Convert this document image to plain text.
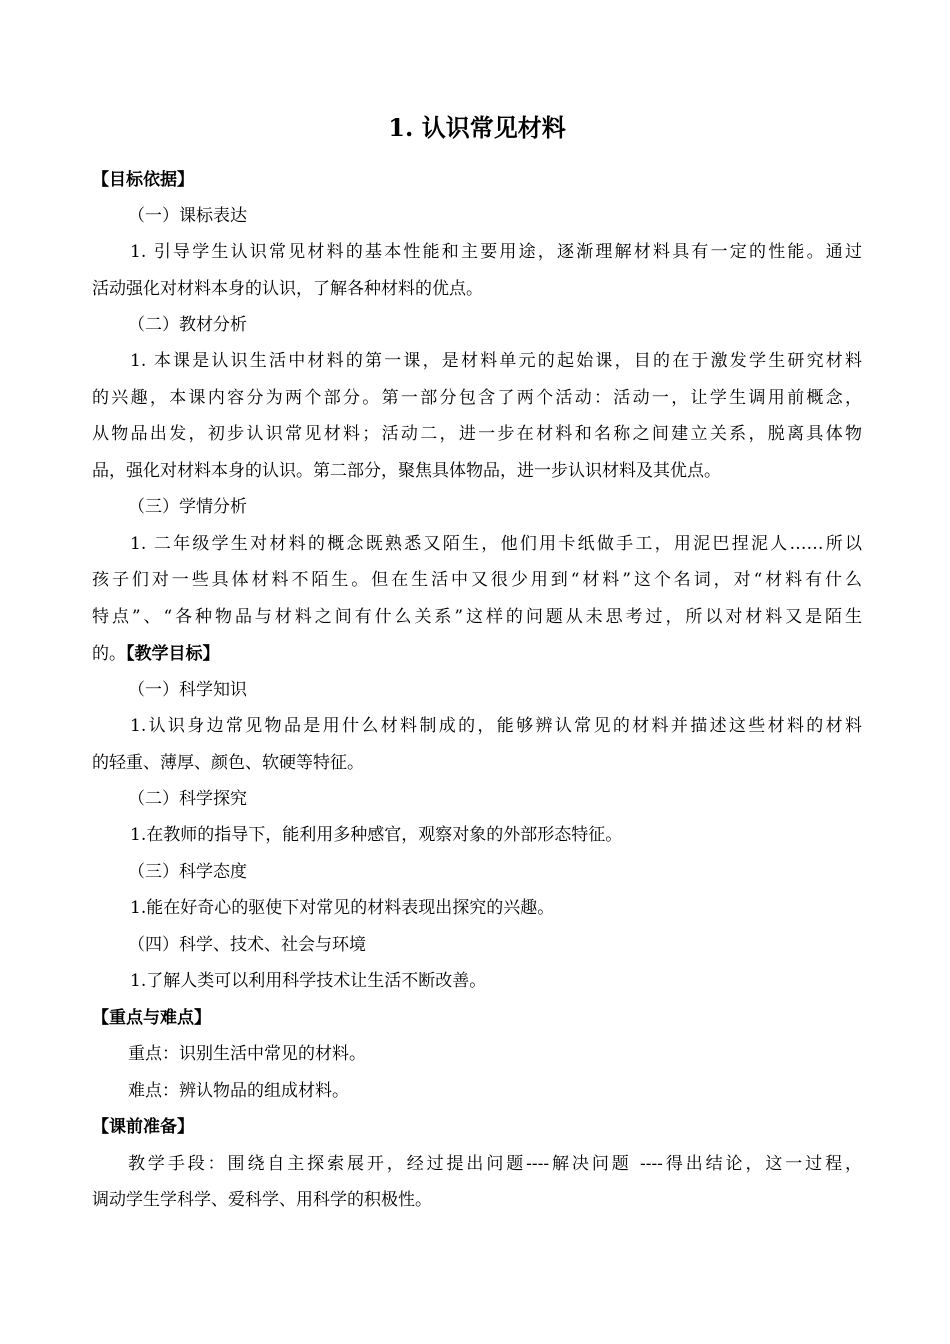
1. 认识常见材料
【目标依据】
（一）课标表达
1. 引导学生认识常见材料的基本性能和主要用途，逐渐理解材料具有一定的性能。通过
活动强化对材料本身的认识，了解各种材料的优点。
（二）教材分析
1. 本课是认识生活中材料的第一课，是材料单元的起始课，目的在于激发学生研究材料
的兴趣，本课内容分为两个部分。第一部分包含了两个活动：活动一，让学生调用前概念，
从物品出发，初步认识常见材料；活动二，进一步在材料和名称之间建立关系，脱离具体物
品，强化对材料本身的认识。第二部分，聚焦具体物品，进一步认识材料及其优点。
（三）学情分析
1. 二年级学生对材料的概念既熟悉又陌生，他们用卡纸做手工，用泥巴捏泥人……所以
孩子们对一些具体材料不陌生。但在生活中又很少用到“材料”这个名词，对“材料有什么
特点”、“各种物品与材料之间有什么关系”这样的问题从未思考过，所以对材料又是陌生
的。【教学目标】
（一）科学知识
1.认识身边常见物品是用什么材料制成的，能够辨认常见的材料并描述这些材料的材料
的轻重、薄厚、颜色、软硬等特征。
（二）科学探究
1.在教师的指导下，能利用多种感官，观察对象的外部形态特征。
（三）科学态度
1.能在好奇心的驱使下对常见的材料表现出探究的兴趣。
（四）科学、技术、社会与环境
1.了解人类可以利用科学技术让生活不断改善。
【重点与难点】
重点：识别生活中常见的材料。
难点：辨认物品的组成材料。
【课前准备】
教学手段：围绕自主探索展开，经过提出问题----解决问题 ----得出结论，这一过程，
调动学生学科学、爱科学、用科学的积极性。
